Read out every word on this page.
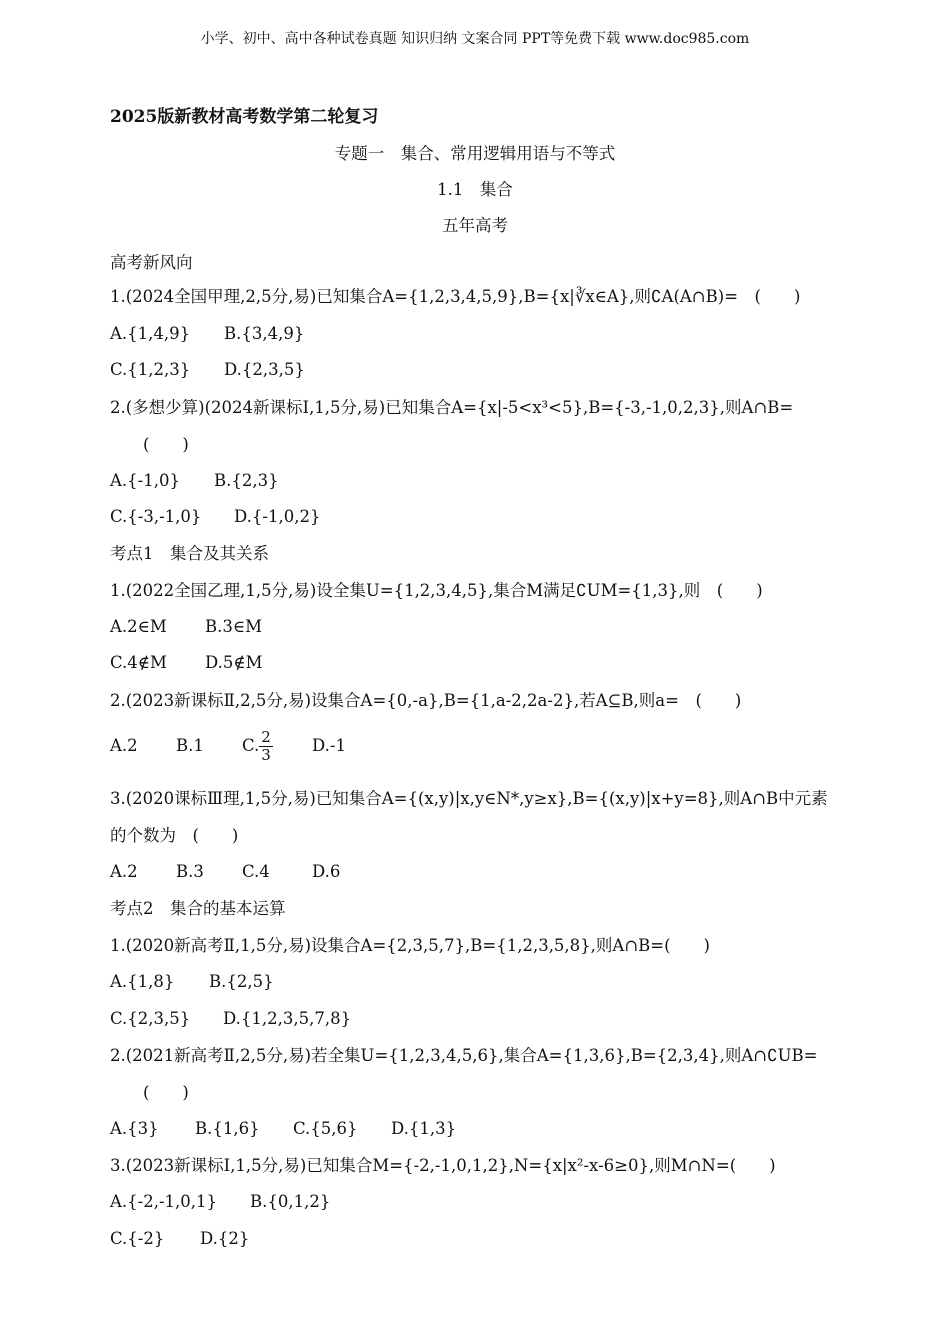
小学、初中、高中各种试卷真题 知识归纳 文案合同 PPT等免费下载 www.doc985.com
2025版新教材高考数学第二轮复习
专题一　集合、常用逻辑用语与不等式
1.1　集合
五年高考
高考新风向
1.(2024全国甲理,2,5分,易)已知集合A={1,2,3,4,5,9},B={x|∛x∈A},则∁A(A∩B)=　(　　)
A.{1,4,9} B.{3,4,9}
C.{1,2,3} D.{2,3,5}
2.(多想少算)(2024新课标Ⅰ,1,5分,易)已知集合A={x|-5<x³<5},B={-3,-1,0,2,3},则A∩B=
(　　)
A.{-1,0} B.{2,3}
C.{-3,-1,0} D.{-1,0,2}
考点1　集合及其关系
1.(2022全国乙理,1,5分,易)设全集U={1,2,3,4,5},集合M满足∁UM={1,3},则　(　　)
A.2∈M B.3∈M
C.4∉M D.5∉M
2.(2023新课标Ⅱ,2,5分,易)设集合A={0,-a},B={1,a-2,2a-2},若A⊆B,则a=　(　　)
A.2 B.1 C. $\frac{2}{3} D.-1$
3.(2020课标Ⅲ理,1,5分,易)已知集合A={(x,y)|x,y∈N*,y≥x},B={(x,y)|x+y=8},则A∩B中元素
的个数为　(　　)
A.2 B.3 C.4	D.6
考点2　集合的基本运算
1.(2020新高考Ⅱ,1,5分,易)设集合A={2,3,5,7},B={1,2,3,5,8},则A∩B=(　　)
A.{1,8} B.{2,5}
C.{2,3,5} D.{1,2,3,5,7,8}
2.(2021新高考Ⅱ,2,5分,易)若全集U={1,2,3,4,5,6},集合A={1,3,6},B={2,3,4},则A∩∁UB=
(　　)
A.{3} B.{1,6} C.{5,6} D.{1,3}
3.(2023新课标Ⅰ,1,5分,易)已知集合M={-2,-1,0,1,2},N={x|x²-x-6≥0},则M∩N=(　　)
A.{-2,-1,0,1} B.{0,1,2}
C.{-2} D.{2}
